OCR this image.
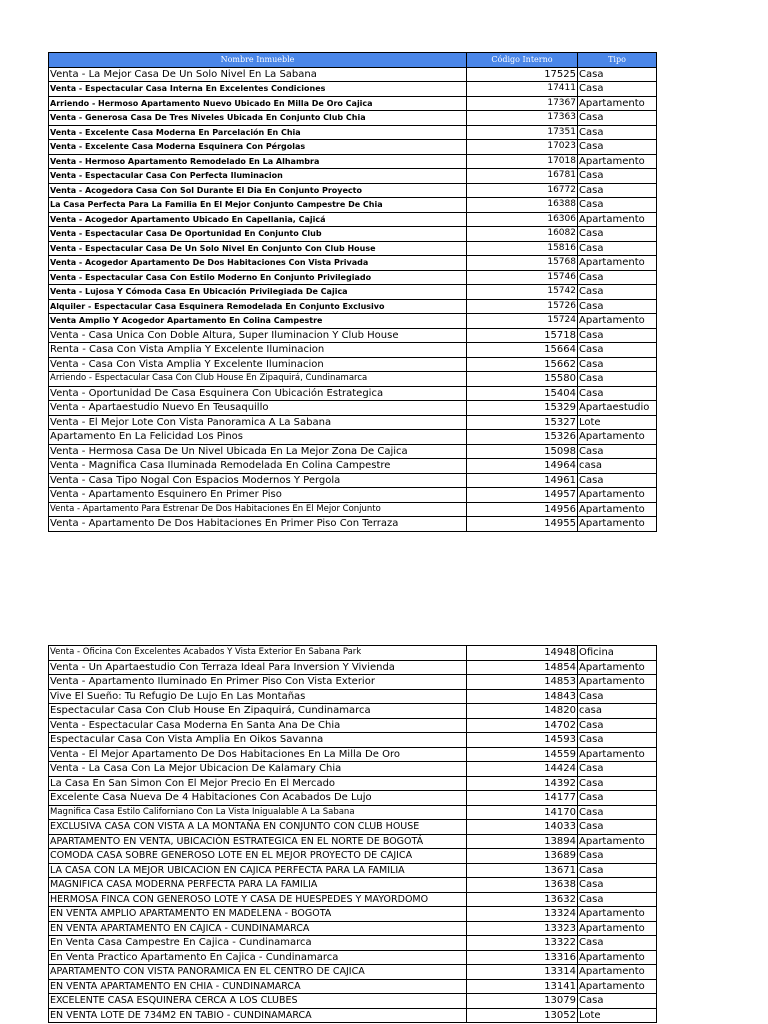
Nombre Inmueble	Código Interno	Tipo
Venta - La Mejor Casa De Un Solo Nivel En La Sabana	17525	Casa
Venta - Espectacular Casa Interna En Excelentes Condiciones	17411	Casa
Arriendo - Hermoso Apartamento Nuevo Ubicado En Milla De Oro Cajica	17367	Apartamento
Venta - Generosa Casa De Tres Niveles Ubicada En Conjunto Club Chia	17363	Casa
Venta - Excelente Casa Moderna En Parcelación En Chia	17351	Casa
Venta - Excelente Casa Moderna Esquinera Con Pérgolas	17023	Casa
Venta - Hermoso Apartamento Remodelado En La Alhambra	17018	Apartamento
Venta - Espectacular Casa Con Perfecta Iluminacion	16781	Casa
Venta - Acogedora Casa Con Sol Durante El Dia En Conjunto Proyecto	16772	Casa
La Casa Perfecta Para La Familia En El Mejor Conjunto Campestre De Chia	16388	Casa
Venta - Acogedor Apartamento Ubicado En Capellania, Cajicá	16306	Apartamento
Venta - Espectacular Casa De Oportunidad En Conjunto Club	16082	Casa
Venta - Espectacular Casa De Un Solo Nivel En Conjunto Con Club House	15816	Casa
Venta - Acogedor Apartamento De Dos Habitaciones Con Vista Privada	15768	Apartamento
Venta - Espectacular Casa Con Estilo Moderno En Conjunto Privilegiado	15746	Casa
Venta - Lujosa Y Cómoda Casa En Ubicación Privilegiada De Cajica	15742	Casa
Alquiler - Espectacular Casa Esquinera Remodelada En Conjunto Exclusivo	15726	Casa
Venta Amplio Y Acogedor Apartamento En Colina Campestre	15724	Apartamento
Venta - Casa Unica Con Doble Altura, Super Iluminacion Y Club House	15718	Casa
Renta - Casa Con Vista Amplia Y Excelente Iluminacion	15664	Casa
Venta - Casa Con Vista Amplia Y Excelente Iluminacion	15662	Casa
Arriendo - Espectacular Casa Con Club House En Zipaquirá, Cundinamarca	15580	Casa
Venta - Oportunidad De Casa Esquinera Con Ubicación Estrategica	15404	Casa
Venta - Apartaestudio Nuevo En Teusaquillo	15329	Apartaestudio
Venta - El Mejor Lote Con Vista Panoramica A La Sabana	15327	Lote
Apartamento En La Felicidad Los Pinos	15326	Apartamento
Venta - Hermosa Casa De Un Nivel Ubicada En La Mejor Zona De Cajica	15098	Casa
Venta - Magnifica Casa Iluminada Remodelada En Colina Campestre	14964	casa
Venta - Casa Tipo Nogal Con Espacios Modernos Y Pergola	14961	Casa
Venta - Apartamento Esquinero En Primer Piso	14957	Apartamento
Venta - Apartamento Para Estrenar De Dos Habitaciones En El Mejor Conjunto	14956	Apartamento
Venta - Apartamento De Dos Habitaciones En Primer Piso Con Terraza	14955	Apartamento
Venta - Oficina Con Excelentes Acabados Y Vista Exterior En Sabana Park	14948	Oficina
Venta - Un Apartaestudio Con Terraza Ideal Para Inversion Y Vivienda	14854	Apartamento
Venta - Apartamento Iluminado En Primer Piso Con Vista Exterior	14853	Apartamento
Vive El Sueño: Tu Refugio De Lujo En Las Montañas	14843	Casa
Espectacular Casa Con Club House En Zipaquirá, Cundinamarca	14820	casa
Venta - Espectacular Casa Moderna En Santa Ana De Chia	14702	Casa
Espectacular Casa Con Vista Amplia En Oikos Savanna	14593	Casa
Venta - El Mejor Apartamento De Dos Habitaciones En La Milla De Oro	14559	Apartamento
Venta - La Casa Con La Mejor Ubicacion De Kalamary Chia	14424	Casa
La Casa En San Simon Con El Mejor Precio En El Mercado	14392	Casa
Excelente Casa Nueva De 4 Habitaciones Con Acabados De Lujo	14177	Casa
Magnifica Casa Estilo Californiano Con La Vista Inigualable A La Sabana	14170	Casa
EXCLUSIVA CASA CON VISTA A LA MONTAÑA EN CONJUNTO CON CLUB HOUSE	14033	Casa
APARTAMENTO EN VENTA, UBICACIÓN ESTRATEGICA EN EL NORTE DE BOGOTÁ	13894	Apartamento
COMODA CASA SOBRE GENEROSO LOTE EN EL MEJOR PROYECTO DE CAJICA	13689	Casa
LA CASA CON LA MEJOR UBICACION EN CAJICA PERFECTA PARA LA FAMILIA	13671	Casa
MAGNIFICA CASA MODERNA PERFECTA PARA LA FAMILIA	13638	Casa
HERMOSA FINCA CON GENEROSO LOTE Y CASA DE HUESPEDES Y MAYORDOMO	13632	Casa
EN VENTA AMPLIO APARTAMENTO EN MADELENA - BOGOTA	13324	Apartamento
EN VENTA APARTAMENTO EN CAJICA - CUNDINAMARCA	13323	Apartamento
En Venta Casa Campestre En Cajica - Cundinamarca	13322	Casa
En Venta Practico Apartamento En Cajica - Cundinamarca	13316	Apartamento
APARTAMENTO CON VISTA PANORAMICA EN EL CENTRO DE CAJICA	13314	Apartamento
EN VENTA APARTAMENTO EN CHIA - CUNDINAMARCA	13141	Apartamento
EXCELENTE CASA ESQUINERA CERCA A LOS CLUBES	13079	Casa
EN VENTA LOTE DE 734M2 EN TABIO - CUNDINAMARCA	13052	Lote
